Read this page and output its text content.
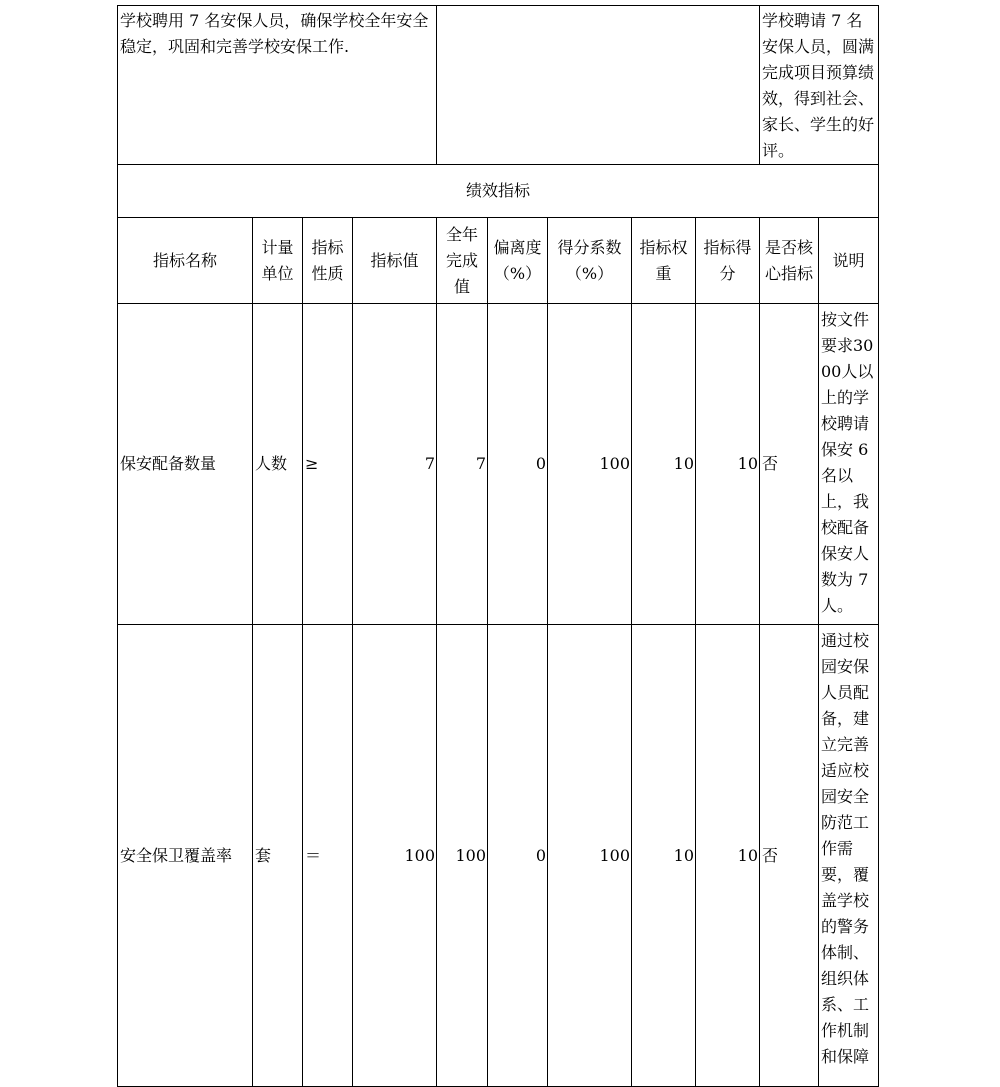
学校聘用 7 名安保人员，确保学校全年安全稳定，巩固和完善学校安保工作.									学校聘请 7 名安保人员，圆满完成项目预算绩效，得到社会、家长、学生的好评。	
绩效指标										
指标名称	计量单位	指标性质	指标值	全年完成值	偏离度（%）	得分系数（%）	指标权重	指标得分	是否核心指标	说明
保安配备数量	人数	≥	7	7	0	100	10	10	否	按文件要求3000人以上的学校聘请保安 6 名以上，我校配备保安人数为 7 人。
安全保卫覆盖率	套	＝	100	100	0	100	10	10	否	通过校园安保人员配备，建立完善适应校园安全防范工作需要，覆盖学校的警务体制、组织体系、工作机制和保障
